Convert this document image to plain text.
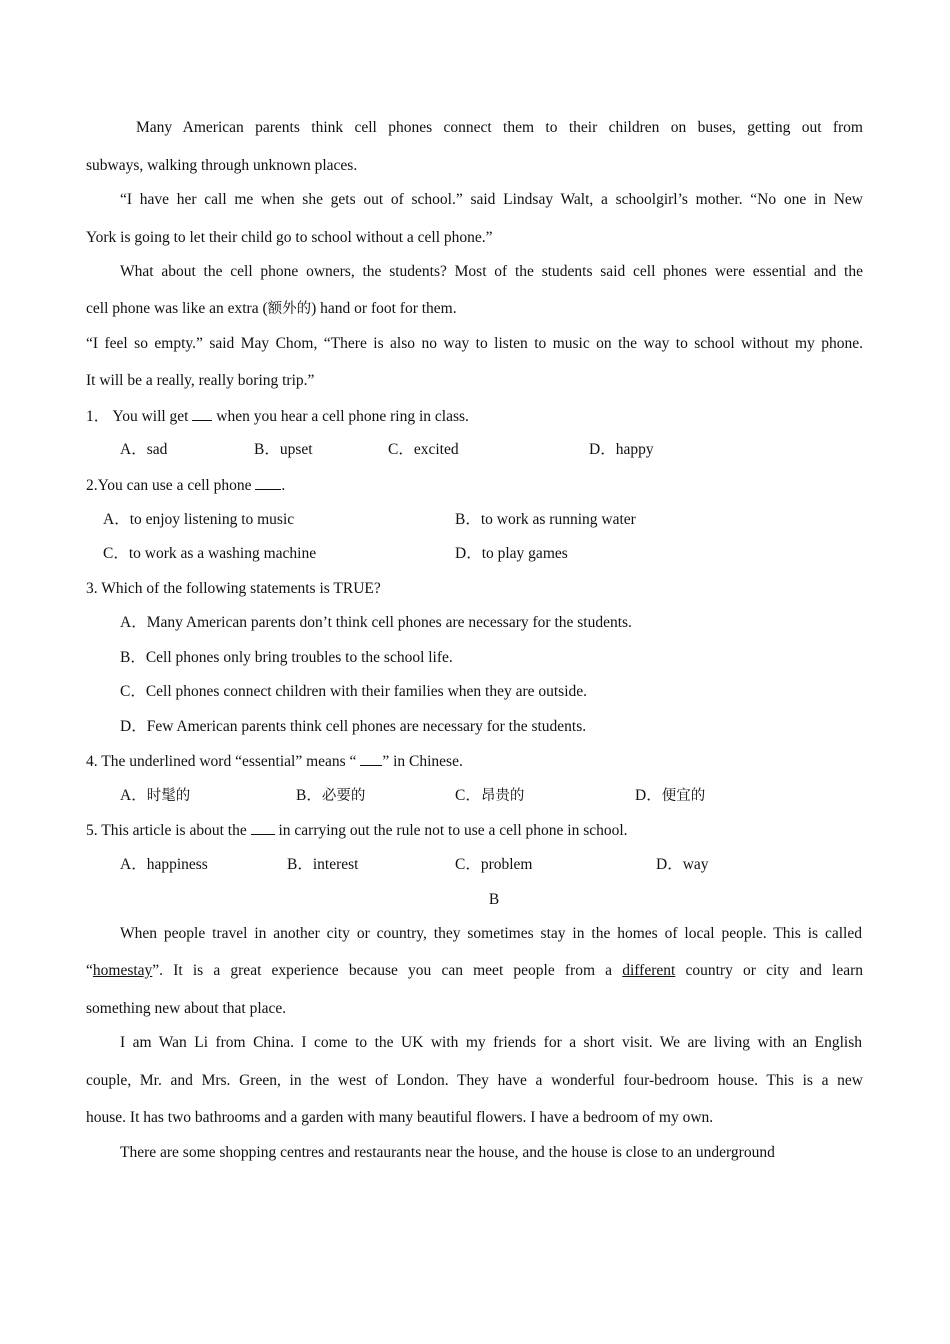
Many American parents think cell phones connect them to their children on buses, getting out from
subways, walking through unknown places.
“I have her call me when she gets out of school.” said Lindsay Walt, a schoolgirl’s mother. “No one in New
York is going to let their child go to school without a cell phone.”
What about the cell phone owners, the students? Most of the students said cell phones were essential and the
cell phone was like an extra (额外的) hand or foot for them.
“I feel so empty.” said May Chom, “There is also no way to listen to music on the way to school without my phone.
It will be a really, really boring trip.”
1． You will get  when you hear a cell phone ring in class.
A．sad	B．upset	C．excited	D．happy
2.You can use a cell phone .
A．to enjoy listening to music	B．to work as running water
C．to work as a washing machine	D．to play games
3. Which of the following statements is TRUE?
A．Many American parents don’t think cell phones are necessary for the students.
B．Cell phones only bring troubles to the school life.
C．Cell phones connect children with their families when they are outside.
D．Few American parents think cell phones are necessary for the students.
4. The underlined word “essential” means “ ” in Chinese.
A．时髦的	B．必要的	C．昂贵的	D．便宜的
5. This article is about the  in carrying out the rule not to use a cell phone in school.
A．happiness	B．interest	C．problem	D．way
B
When people travel in another city or country, they sometimes stay in the homes of local people. This is called
“homestay”. It is a great experience because you can meet people from a different country or city and learn
something new about that place.
I am Wan Li from China. I come to the UK with my friends for a short visit. We are living with an English
couple, Mr. and Mrs. Green, in the west of London. They have a wonderful four-bedroom house. This is a new
house. It has two bathrooms and a garden with many beautiful flowers. I have a bedroom of my own.
There are some shopping centres and restaurants near the house, and the house is close to an underground
